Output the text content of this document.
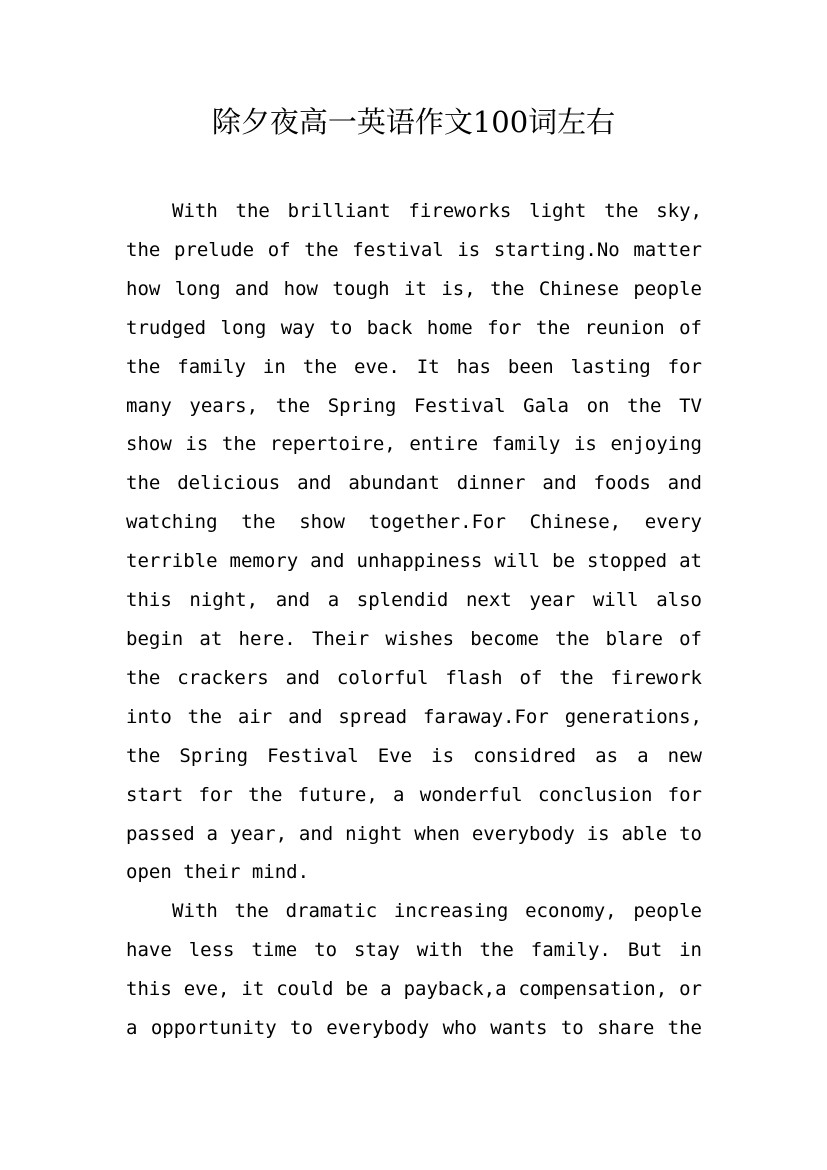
除夕夜高一英语作文100词左右

With the brilliant fireworks light the sky, the prelude of the festival is starting.No matter how long and how tough it is, the Chinese people trudged long way to back home for the reunion of the family in the eve. It has been lasting for many years, the Spring Festival Gala on the TV show is the repertoire, entire family is enjoying the delicious and abundant dinner and foods and watching the show together.For Chinese, every terrible memory and unhappiness will be stopped at this night, and a splendid next year will also begin at here. Their wishes become the blare of the crackers and colorful flash of the firework into the air and spread faraway.For generations, the Spring Festival Eve is considred as a new start for the future, a wonderful conclusion for passed a year, and night when everybody is able to open their mind.

With the dramatic increasing economy, people have less time to stay with the family. But in this eve, it could be a payback,a compensation, or a opportunity to everybody who wants to share the
